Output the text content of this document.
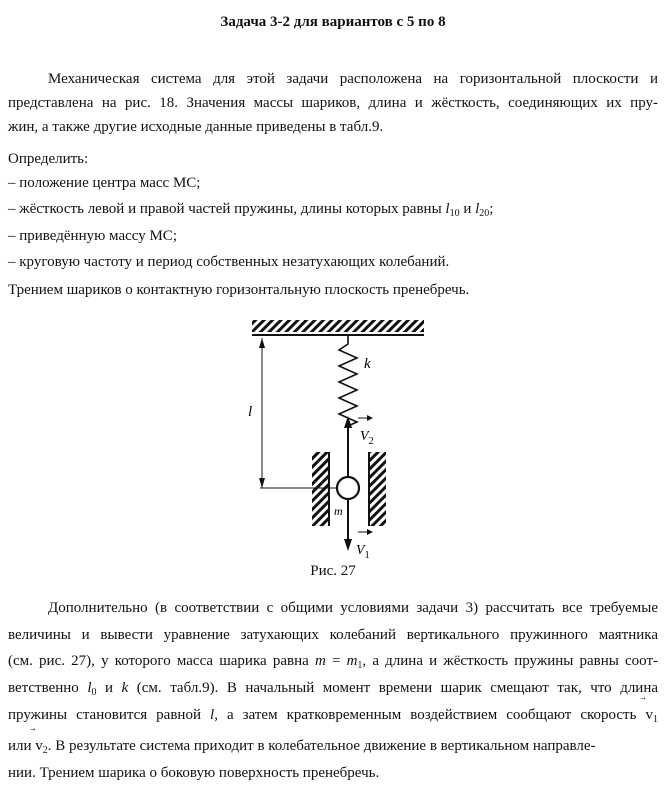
Задача 3-2 для вариантов с 5 по 8

Механическая система для этой задачи расположена на горизонтальной плоскости и

представлена на рис. 18. Значения массы шариков, длина и жёсткость, соединяющих их пру-

жин, а также другие исходные данные приведены в табл.9.
Определить:
– положение центра масс МС;
– жёсткость левой и правой частей пружины, длины которых равны $l_{10}$ и $l_{20}$;
– приведённую массу МС;
– круговую частоту и период собственных незатухающих колебаний.
Трением шариков о контактную горизонтальную плоскость пренебречь.
k
l
m
$V_2$
$V_1$
Рис. 27

Дополнительно (в соответствии с общими условиями задачи 3) рассчитать все требуемые

величины и вывести уравнение затухающих колебаний вертикального пружинного маятника

(см. рис. 27), у которого масса шарика равна $m = m_1$, а длина и жёсткость пружины равны соот-

ветственно $l_0$ и k (см. табл.9). В начальный момент времени шарик смещают так, что длина

пружины становится равной l, а затем кратковременным воздействием сообщают скорость
$v_1$

или
$v_2$. В результате система приходит в колебательное движение в вертикальном направле-
нии. Трением шарика о боковую поверхность пренебречь.
